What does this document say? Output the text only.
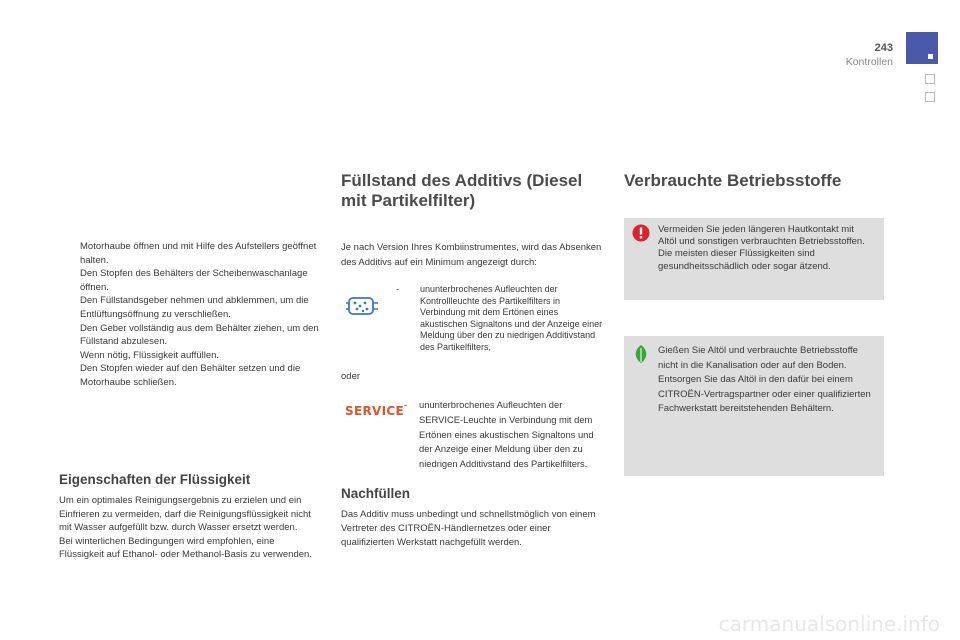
243
Kontrollen
Motorhaube öffnen und mit Hilfe des Aufstellers geöffnet halten.
Den Stopfen des Behälters der Scheibenwaschanlage öffnen.
Den Füllstandsgeber nehmen und abklemmen, um die Entlüftungsöffnung zu verschließen.
Den Geber vollständig aus dem Behälter ziehen, um den Füllstand abzulesen.
Wenn nötig, Flüssigkeit auffüllen.
Den Stopfen wieder auf den Behälter setzen und die Motorhaube schließen.
Eigenschaften der Flüssigkeit
Um ein optimales Reinigungsergebnis zu erzielen und ein Einfrieren zu vermeiden, darf die Reinigungsflüssigkeit nicht mit Wasser aufgefüllt bzw. durch Wasser ersetzt werden.
Bei winterlichen Bedingungen wird empfohlen, eine Flüssigkeit auf Ethanol- oder Methanol-Basis zu verwenden.
Füllstand des Additivs (Diesel
mit Partikelfilter)
Je nach Version Ihres Kombiinstrumentes, wird das Absenken des Additivs auf ein Minimum angezeigt durch:
- ununterbrochenes Aufleuchten der Kontrollleuchte des Partikelfilters in Verbindung mit dem Ertönen eines akustischen Signaltons und der Anzeige einer Meldung über den zu niedrigen Additivstand des Partikelfilters,
oder
SERVICE - ununterbrochenes Aufleuchten der SERVICE-Leuchte in Verbindung mit dem Ertönen eines akustischen Signaltons und der Anzeige einer Meldung über den zu niedrigen Additivstand des Partikelfilters.
Nachfüllen
Das Additiv muss unbedingt und schnellstmöglich von einem Vertreter des CITROËN-Händlernetzes oder einer qualifizierten Werkstatt nachgefüllt werden.
Verbrauchte Betriebsstoffe
Vermeiden Sie jeden längeren Hautkontakt mit Altöl und sonstigen verbrauchten Betriebsstoffen.
Die meisten dieser Flüssigkeiten sind gesundheitsschädlich oder sogar ätzend.
Gießen Sie Altöl und verbrauchte Betriebsstoffe nicht in die Kanalisation oder auf den Boden.
Entsorgen Sie das Altöl in den dafür bei einem CITROËN-Vertragspartner oder einer qualifizierten Fachwerkstatt bereitstehenden Behältern.
carmanualsonline.info
